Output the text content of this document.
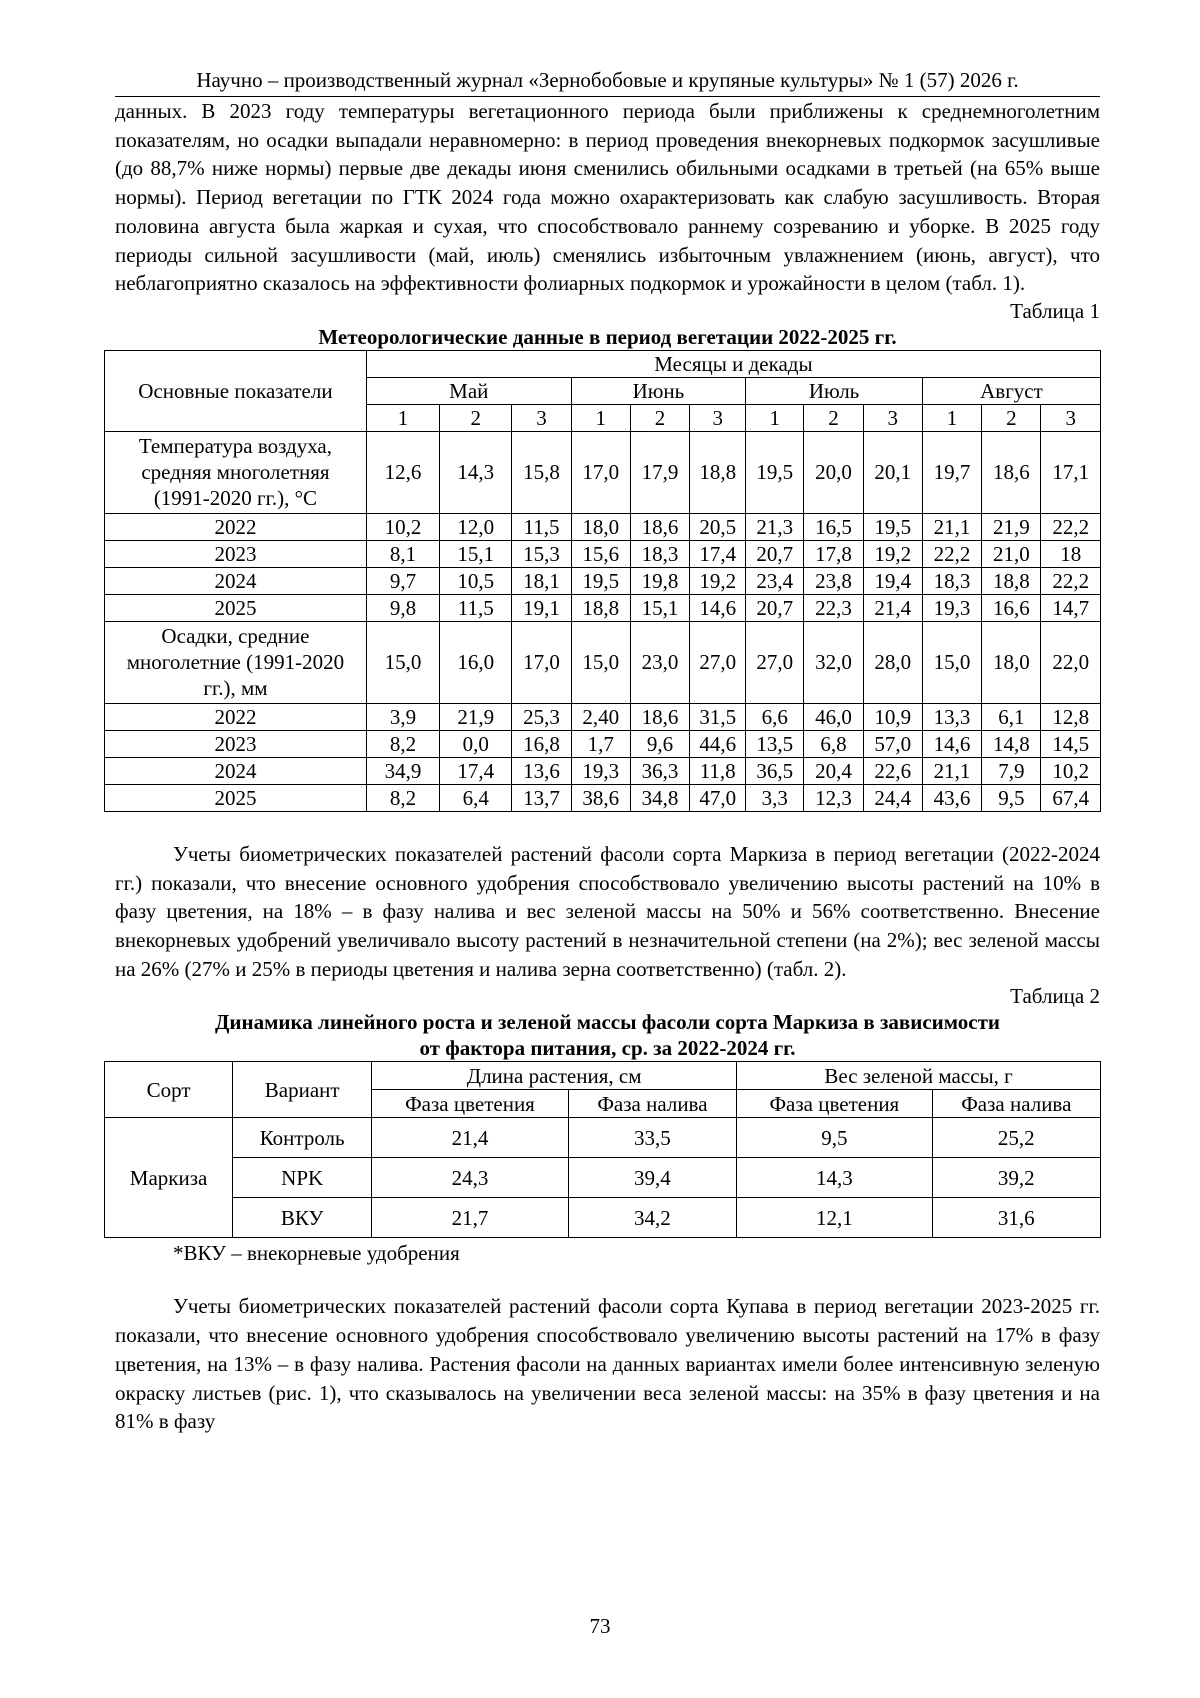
Научно – производственный журнал «Зернобобовые и крупяные культуры» № 1 (57) 2026 г.

данных. В 2023 году температуры вегетационного периода были приближены к среднемноголетним показателям, но осадки выпадали неравномерно: в период проведения внекорневых подкормок засушливые (до 88,7% ниже нормы) первые две декады июня сменились обильными осадками в третьей (на 65% выше нормы). Период вегетации по ГТК 2024 года можно охарактеризовать как слабую засушливость. Вторая половина августа была жаркая и сухая, что способствовало раннему созреванию и уборке. В 2025 году периоды сильной засушливости (май, июль) сменялись избыточным увлажнением (июнь, август), что неблагоприятно сказалось на эффективности фолиарных подкормок и урожайности в целом (табл. 1).

Таблица 1

Метеорологические данные в период вегетации 2022-2025 гг.

Основные показатели	Месяцы и декады											
	Май			Июнь			Июль			Август		
	1	2	3	1	2	3	1	2	3	1	2	3
Температура воздуха, средняя многолетняя (1991-2020 гг.), °С	12,6	14,3	15,8	17,0	17,9	18,8	19,5	20,0	20,1	19,7	18,6	17,1
2022	10,2	12,0	11,5	18,0	18,6	20,5	21,3	16,5	19,5	21,1	21,9	22,2
2023	8,1	15,1	15,3	15,6	18,3	17,4	20,7	17,8	19,2	22,2	21,0	18
2024	9,7	10,5	18,1	19,5	19,8	19,2	23,4	23,8	19,4	18,3	18,8	22,2
2025	9,8	11,5	19,1	18,8	15,1	14,6	20,7	22,3	21,4	19,3	16,6	14,7
Осадки, средние многолетние (1991-2020 гг.), мм	15,0	16,0	17,0	15,0	23,0	27,0	27,0	32,0	28,0	15,0	18,0	22,0
2022	3,9	21,9	25,3	2,40	18,6	31,5	6,6	46,0	10,9	13,3	6,1	12,8
2023	8,2	0,0	16,8	1,7	9,6	44,6	13,5	6,8	57,0	14,6	14,8	14,5
2024	34,9	17,4	13,6	19,3	36,3	11,8	36,5	20,4	22,6	21,1	7,9	10,2
2025	8,2	6,4	13,7	38,6	34,8	47,0	3,3	12,3	24,4	43,6	9,5	67,4

Учеты биометрических показателей растений фасоли сорта Маркиза в период вегетации (2022-2024 гг.) показали, что внесение основного удобрения способствовало увеличению высоты растений на 10% в фазу цветения, на 18% – в фазу налива и вес зеленой массы на 50% и 56% соответственно. Внесение внекорневых удобрений увеличивало высоту растений в незначительной степени (на 2%); вес зеленой массы на 26% (27% и 25% в периоды цветения и налива зерна соответственно) (табл. 2).

Таблица 2

Динамика линейного роста и зеленой массы фасоли сорта Маркиза в зависимости

от фактора питания, ср. за 2022-2024 гг.

Сорт	Вариант	Длина растения, см		Вес зеленой массы, г	
		Фаза цветения	Фаза налива	Фаза цветения	Фаза налива
Маркиза	Контроль	21,4	33,5	9,5	25,2
	NPK	24,3	39,4	14,3	39,2
	ВКУ	21,7	34,2	12,1	31,6

*ВКУ – внекорневые удобрения

Учеты биометрических показателей растений фасоли сорта Купава в период вегетации 2023-2025 гг. показали, что внесение основного удобрения способствовало увеличению высоты растений на 17% в фазу цветения, на 13% – в фазу налива. Растения фасоли на данных вариантах имели более интенсивную зеленую окраску листьев (рис. 1), что сказывалось на увеличении веса зеленой массы: на 35% в фазу цветения и на 81% в фазу

73
